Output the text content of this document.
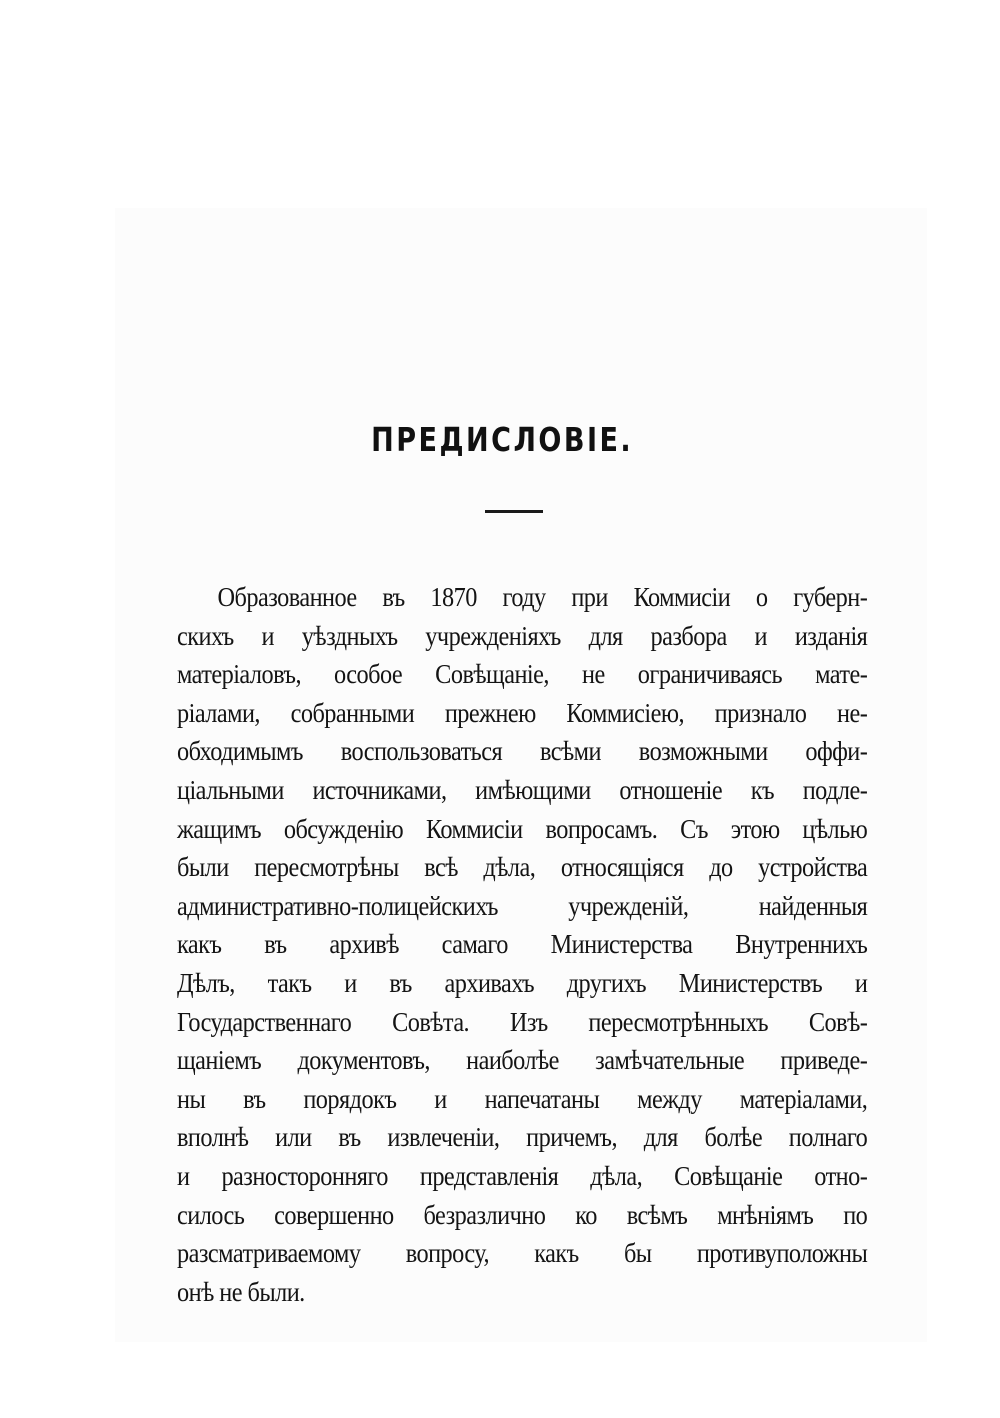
ПРЕДИСЛОВІЕ.
Образованное въ 1870 году при Коммисіи о губерн-
скихъ и уѣздныхъ учрежденіяхъ для разбора и изданія
матеріаловъ, особое Совѣщаніе, не ограничиваясь мате-
ріалами, собранными прежнею Коммисіею, признало не-
обходимымъ воспользоваться всѣми возможными оффи-
ціальными источниками, имѣющими отношеніе къ подле-
жащимъ обсужденію Коммисіи вопросамъ. Съ этою цѣлью
были пересмотрѣны всѣ дѣла, относящіяся до устройства
административно-полицейскихъ учрежденій, найденныя
какъ въ архивѣ самаго Министерства Внутреннихъ
Дѣлъ, такъ и въ архивахъ другихъ Министерствъ и
Государственнаго Совѣта. Изъ пересмотрѣнныхъ Совѣ-
щаніемъ документовъ, наиболѣе замѣчательные приведе-
ны въ порядокъ и напечатаны между матеріалами,
вполнѣ или въ извлеченіи, причемъ, для болѣе полнаго
и разносторонняго представленія дѣла, Совѣщаніе отно-
силось совершенно безразлично ко всѣмъ мнѣніямъ по
разсматриваемому вопросу, какъ бы противуположны
онѣ не были.
